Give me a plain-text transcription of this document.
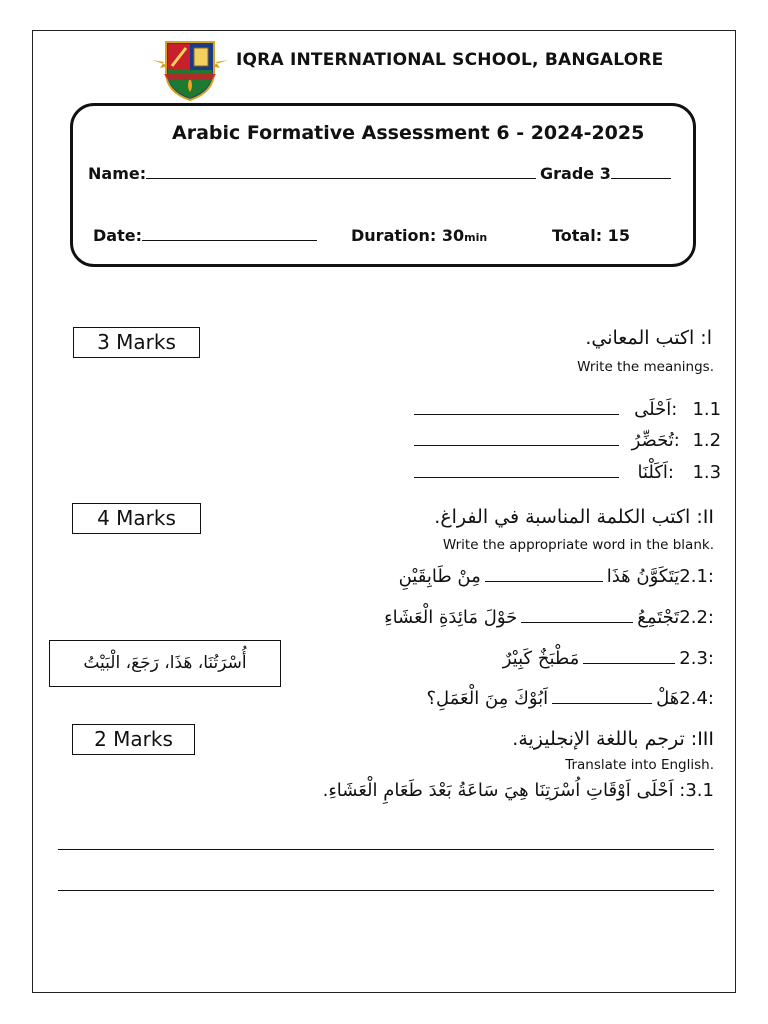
IQRA INTERNATIONAL SCHOOL, BANGALORE
Arabic Formative Assessment 6 - 2024-2025
Name:	Grade 3
Date:	Duration: 30min	Total: 15
3 Marks	ا: اكتب المعاني.
Write the meanings.
:اَحْلَى 1.1
:تُحَضِّرُ 1.2
:اَكَلْنَا 1.3
4 Marks	II: اكتب الكلمة المناسبة في الفراغ.
Write the appropriate word in the blank.
2.1:يَتَكَوَّنُ هَذَامِنْ طَابِقَيْنِ
2.2:تَجْتَمِعُحَوْلَ مَائِدَةِ الْعَشَاءِ
2.3:مَطْبَخٌ كَبِيْرٌ
2.4:هَلْاَبُوْكَ مِنَ الْعَمَلِ؟
أُسْرَتُنَا، هَذَا، رَجَعَ، الْبَيْتُ
2 Marks	III: ترجم باللغة الإنجليزية.
Translate into English.
3.1: اَحْلَى اَوْقَاتِ اُسْرَتِنَا هِيَ سَاعَةُ بَعْدَ طَعَامِ الْعَشَاءِ.
